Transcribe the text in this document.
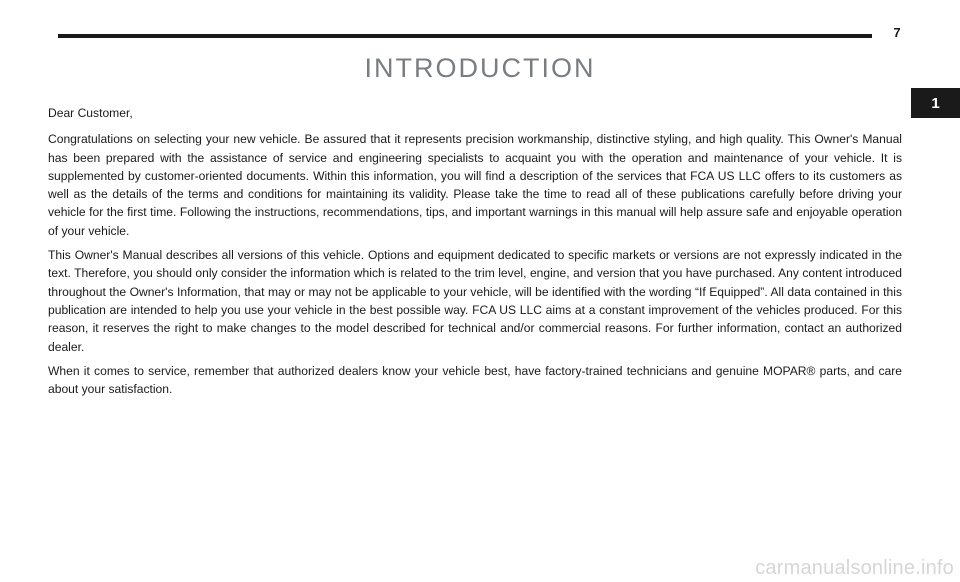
7
1
INTRODUCTION

Dear Customer,

Congratulations on selecting your new vehicle. Be assured that it represents precision workmanship, distinctive styling, and high quality. This Owner's Manual has been prepared with the assistance of service and engineering specialists to acquaint you with the operation and maintenance of your vehicle. It is supplemented by customer-oriented documents. Within this information, you will find a description of the services that FCA US LLC offers to its customers as well as the details of the terms and conditions for maintaining its validity. Please take the time to read all of these publications carefully before driving your vehicle for the first time. Following the instructions, recommendations, tips, and important warnings in this manual will help assure safe and enjoyable operation of your vehicle.

This Owner's Manual describes all versions of this vehicle. Options and equipment dedicated to specific markets or versions are not expressly indicated in the text. Therefore, you should only consider the information which is related to the trim level, engine, and version that you have purchased. Any content introduced throughout the Owner's Information, that may or may not be applicable to your vehicle, will be identified with the wording “If Equipped”. All data contained in this publication are intended to help you use your vehicle in the best possible way. FCA US LLC aims at a constant improvement of the vehicles produced. For this reason, it reserves the right to make changes to the model described for technical and/or commercial reasons. For further information, contact an authorized dealer.

When it comes to service, remember that authorized dealers know your vehicle best, have factory-trained technicians and genuine MOPAR® parts, and care about your satisfaction.

carmanualsonline.info
